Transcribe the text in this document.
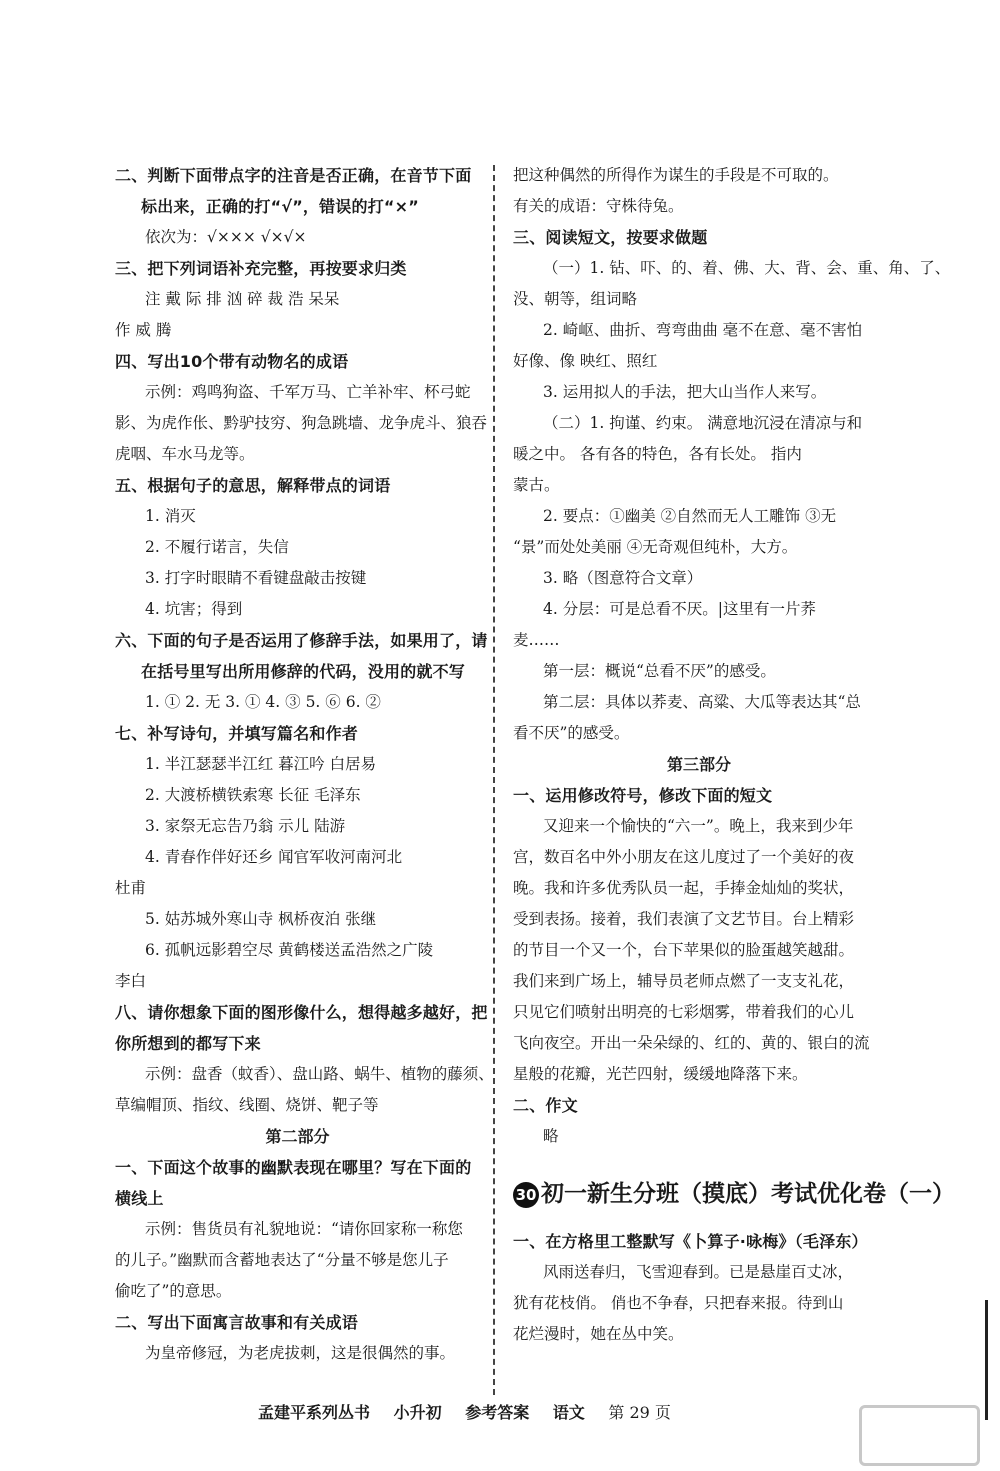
二、判断下面带点字的注音是否正确，在音节下面
标出来，正确的打“√”，错误的打“×”
依次为：√××× √×√×
三、把下列词语补充完整，再按要求归类
注 戴 际 排 汹 碎 裁 浩 呆呆
作 威 腾
四、写出10个带有动物名的成语
示例：鸡鸣狗盗、千军万马、亡羊补牢、杯弓蛇
影、为虎作伥、黔驴技穷、狗急跳墙、龙争虎斗、狼吞
虎咽、车水马龙等。
五、根据句子的意思，解释带点的词语
1. 消灭
2. 不履行诺言，失信
3. 打字时眼睛不看键盘敲击按键
4. 坑害；得到
六、下面的句子是否运用了修辞手法，如果用了，请
在括号里写出所用修辞的代码，没用的就不写
1. ① 2. 无 3. ① 4. ③ 5. ⑥ 6. ②
七、补写诗句，并填写篇名和作者
1. 半江瑟瑟半江红 暮江吟 白居易
2. 大渡桥横铁索寒 长征 毛泽东
3. 家祭无忘告乃翁 示儿 陆游
4. 青春作伴好还乡 闻官军收河南河北
杜甫
5. 姑苏城外寒山寺 枫桥夜泊 张继
6. 孤帆远影碧空尽 黄鹤楼送孟浩然之广陵
李白
八、请你想象下面的图形像什么，想得越多越好，把
你所想到的都写下来
示例：盘香（蚊香）、盘山路、蜗牛、植物的藤须、
草编帽顶、指纹、线圈、烧饼、靶子等
第二部分
一、下面这个故事的幽默表现在哪里？写在下面的
横线上
示例：售货员有礼貌地说：“请你回家称一称您
的儿子。”幽默而含蓄地表达了“分量不够是您儿子
偷吃了”的意思。
二、写出下面寓言故事和有关成语
为皇帝修冠，为老虎拔刺，这是很偶然的事。
把这种偶然的所得作为谋生的手段是不可取的。
有关的成语：守株待兔。
三、阅读短文，按要求做题
（一）1. 钻、吓、的、着、佛、大、背、会、重、角、了、
没、朝等，组词略
2. 崎岖、曲折、弯弯曲曲 毫不在意、毫不害怕
好像、像 映红、照红
3. 运用拟人的手法，把大山当作人来写。
（二）1. 拘谨、约束。 满意地沉浸在清凉与和
暖之中。 各有各的特色，各有长处。 指内
蒙古。
2. 要点：①幽美 ②自然而无人工雕饰 ③无
“景”而处处美丽 ④无奇观但纯朴，大方。
3. 略（图意符合文章）
4. 分层：可是总看不厌。|这里有一片荞
麦……
第一层：概说“总看不厌”的感受。
第二层：具体以荞麦、高粱、大瓜等表达其“总
看不厌”的感受。
第三部分
一、运用修改符号，修改下面的短文
又迎来一个愉快的“六一”。晚上，我来到少年
宫，数百名中外小朋友在这儿度过了一个美好的夜
晚。我和许多优秀队员一起，手捧金灿灿的奖状，
受到表扬。接着，我们表演了文艺节目。台上精彩
的节目一个又一个，台下苹果似的脸蛋越笑越甜。
我们来到广场上，辅导员老师点燃了一支支礼花，
只见它们喷射出明亮的七彩烟雾，带着我们的心儿
飞向夜空。开出一朵朵绿的、红的、黄的、银白的流
星般的花瓣，光芒四射，缓缓地降落下来。
二、作文
略
30 初一新生分班（摸底）考试优化卷（一）
一、在方格里工整默写《卜算子·咏梅》（毛泽东）
风雨送春归，飞雪迎春到。已是悬崖百丈冰，
犹有花枝俏。 俏也不争春，只把春来报。待到山
花烂漫时，她在丛中笑。
孟建平系列丛书 小升初 参考答案 语文 第 29 页
